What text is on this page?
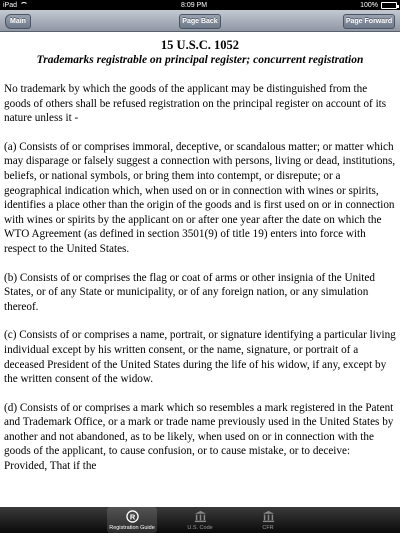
iPad	8:09 PM	100%
Main	Page Back	Page Forward
15 U.S.C. 1052
Trademarks registrable on principal register; concurrent registration

No trademark by which the goods of the applicant may be distinguished from the goods of others shall be refused registration on the principal register on account of its nature unless it -

(a) Consists of or comprises immoral, deceptive, or scandalous matter; or matter which may disparage or falsely suggest a connection with persons, living or dead, institutions, beliefs, or national symbols, or bring them into contempt, or disrepute; or a geographical indication which, when used on or in connection with wines or spirits, identifies a place other than the origin of the goods and is first used on or in connection with wines or spirits by the applicant on or after one year after the date on which the WTO Agreement (as defined in section 3501(9) of title 19) enters into force with respect to the United States.

(b) Consists of or comprises the flag or coat of arms or other insignia of the United States, or of any State or municipality, or of any foreign nation, or any simulation thereof.

(c) Consists of or comprises a name, portrait, or signature identifying a particular living individual except by his written consent, or the name, signature, or portrait of a deceased President of the United States during the life of his widow, if any, except by the written consent of the widow.

(d) Consists of or comprises a mark which so resembles a mark registered in the Patent and Trademark Office, or a mark or trade name previously used in the United States by another and not abandoned, as to be likely, when used on or in connection with the goods of the applicant, to cause confusion, or to cause mistake, or to deceive: Provided, That if the

R
Registration Guide	U.S. Code	CFR
